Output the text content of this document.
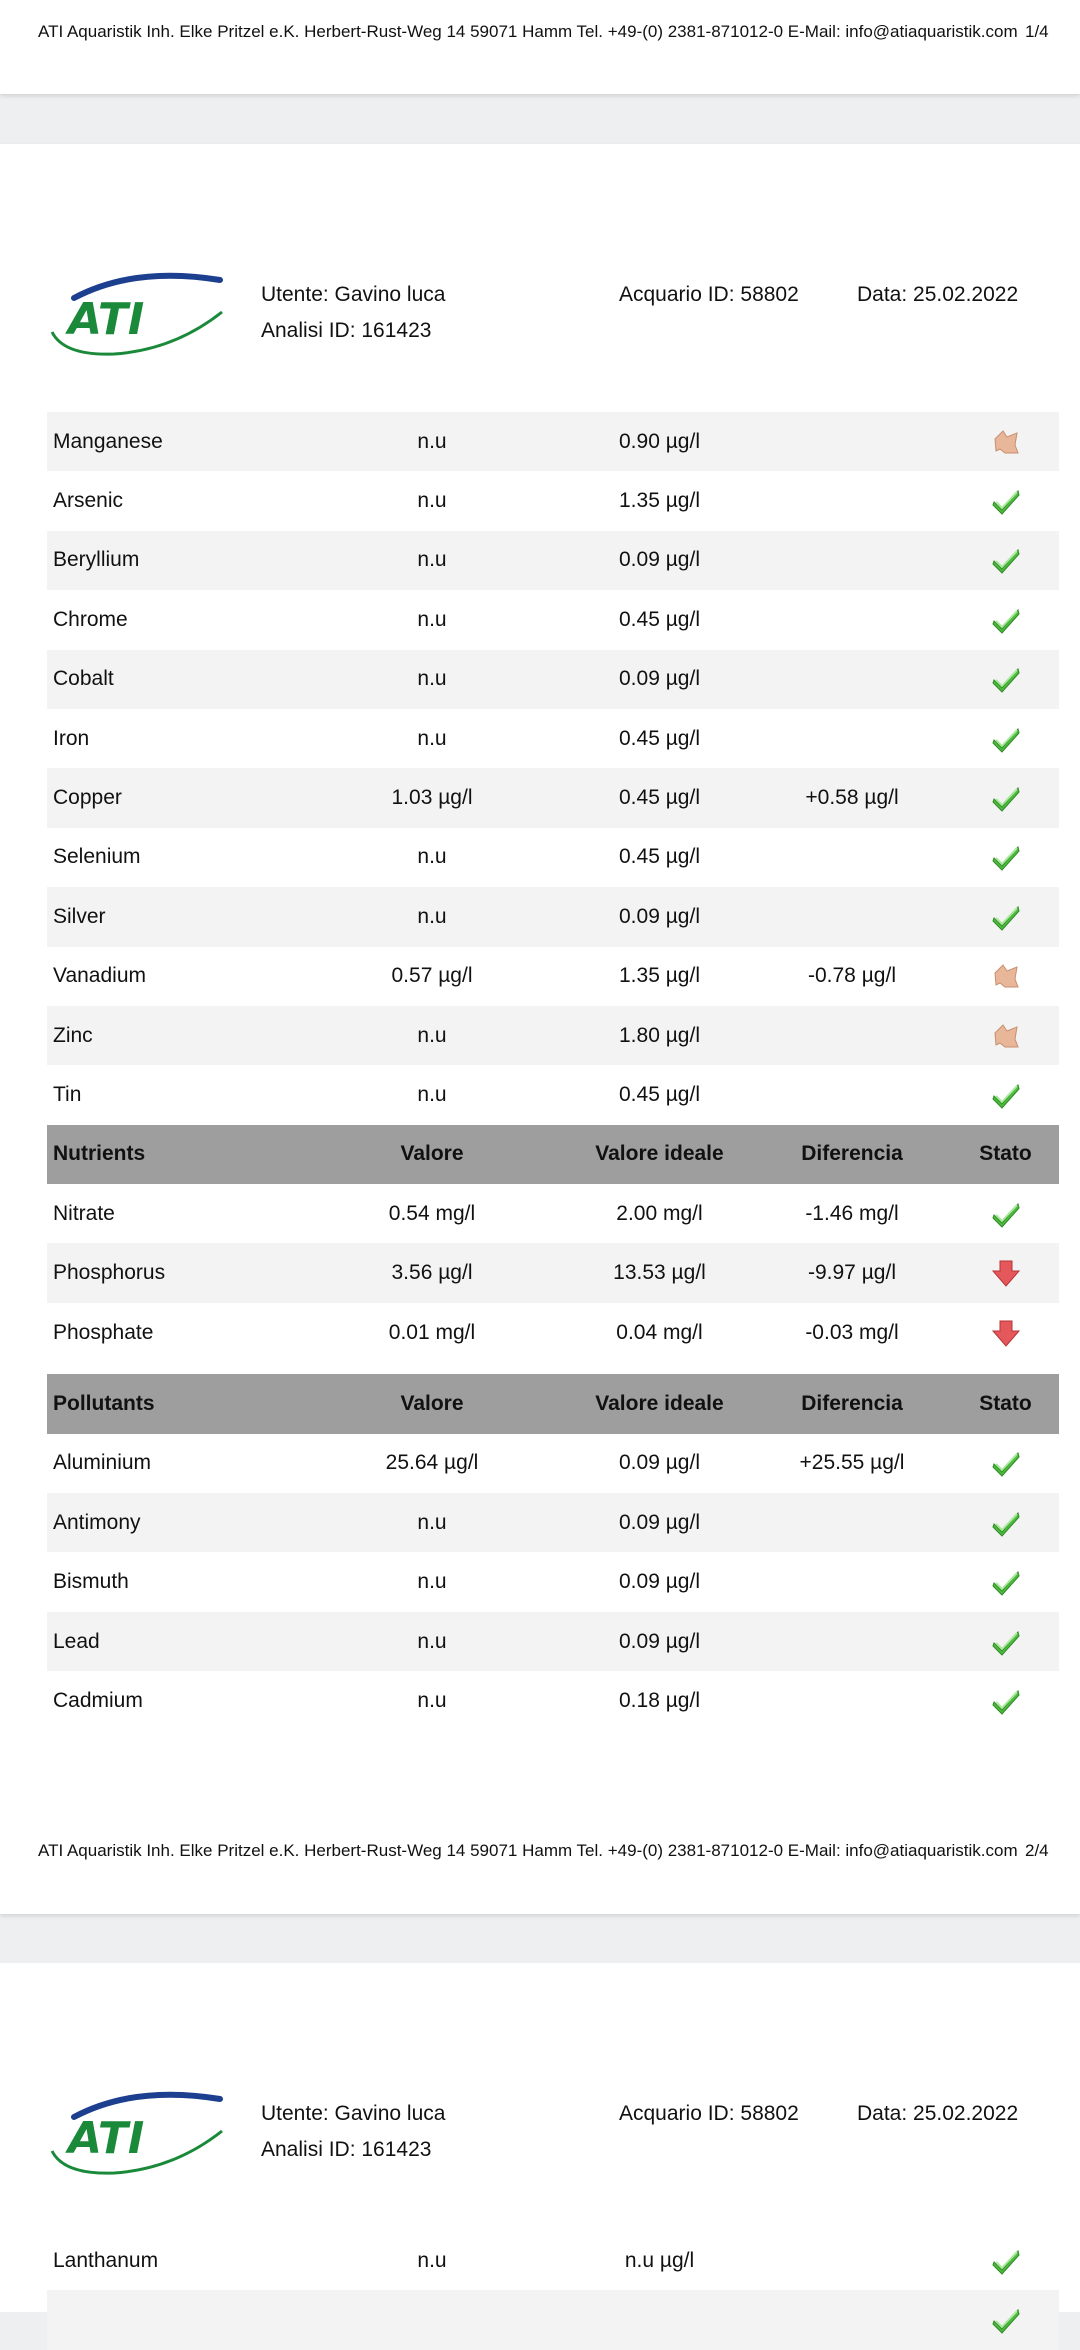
ATI Aquaristik Inh. Elke Pritzel e.K. Herbert-Rust-Weg 14 59071 Hamm Tel. +49-(0) 2381-871012-0 E-Mail: info@atiaquaristik.com 1/4
ATI	Utente: Gavino luca
Analisi ID: 161423
Acquario ID: 58802	Data: 25.02.2022
Manganese	n.u	0.90 µg/l
Arsenic	n.u	1.35 µg/l
Beryllium	n.u	0.09 µg/l
Chrome	n.u	0.45 µg/l
Cobalt	n.u	0.09 µg/l
Iron	n.u	0.45 µg/l
Copper	1.03 µg/l	0.45 µg/l	+0.58 µg/l
Selenium	n.u	0.45 µg/l
Silver	n.u	0.09 µg/l
Vanadium	0.57 µg/l	1.35 µg/l	-0.78 µg/l
Zinc	n.u	1.80 µg/l
Tin	n.u	0.45 µg/l
Nutrients	Valore	Valore ideale	Diferencia	Stato
Nitrate	0.54 mg/l	2.00 mg/l	-1.46 mg/l
Phosphorus	3.56 µg/l	13.53 µg/l	-9.97 µg/l
Phosphate	0.01 mg/l	0.04 mg/l	-0.03 mg/l
Pollutants	Valore	Valore ideale	Diferencia	Stato
Aluminium	25.64 µg/l	0.09 µg/l	+25.55 µg/l
Antimony	n.u	0.09 µg/l
Bismuth	n.u	0.09 µg/l
Lead	n.u	0.09 µg/l
Cadmium	n.u	0.18 µg/l
ATI Aquaristik Inh. Elke Pritzel e.K. Herbert-Rust-Weg 14 59071 Hamm Tel. +49-(0) 2381-871012-0 E-Mail: info@atiaquaristik.com 2/4
ATI	Utente: Gavino luca
Analisi ID: 161423
Acquario ID: 58802	Data: 25.02.2022
Lanthanum	n.u	n.u µg/l
